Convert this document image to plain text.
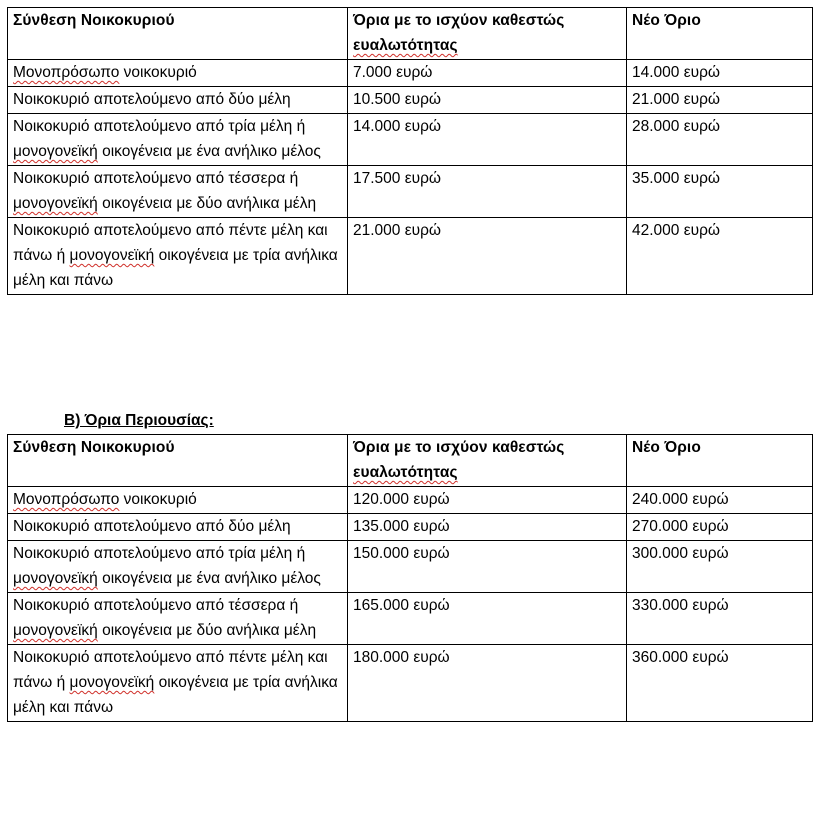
Σύνθεση Νοικοκυριού	Όρια με το ισχύον καθεστώς ευαλωτότητας	Νέο Όριο
Μονοπρόσωπο νοικοκυριό	7.000 ευρώ	14.000 ευρώ
Νοικοκυριό αποτελούμενο από δύο μέλη	10.500 ευρώ	21.000 ευρώ
Νοικοκυριό αποτελούμενο από τρία μέλη ή μονογονεϊκή οικογένεια με ένα ανήλικο μέλος	14.000 ευρώ	28.000 ευρώ
Νοικοκυριό αποτελούμενο από τέσσερα ή μονογονεϊκή οικογένεια με δύο ανήλικα μέλη	17.500 ευρώ	35.000 ευρώ
Νοικοκυριό αποτελούμενο από πέντε μέλη και πάνω ή μονογονεϊκή οικογένεια με τρία ανήλικα μέλη και πάνω	21.000 ευρώ	42.000 ευρώ
Β) Όρια Περιουσίας:
Σύνθεση Νοικοκυριού	Όρια με το ισχύον καθεστώς ευαλωτότητας	Νέο Όριο
Μονοπρόσωπο νοικοκυριό	120.000 ευρώ	240.000 ευρώ
Νοικοκυριό αποτελούμενο από δύο μέλη	135.000 ευρώ	270.000 ευρώ
Νοικοκυριό αποτελούμενο από τρία μέλη ή μονογονεϊκή οικογένεια με ένα ανήλικο μέλος	150.000 ευρώ	300.000 ευρώ
Νοικοκυριό αποτελούμενο από τέσσερα ή μονογονεϊκή οικογένεια με δύο ανήλικα μέλη	165.000 ευρώ	330.000 ευρώ
Νοικοκυριό αποτελούμενο από πέντε μέλη και πάνω ή μονογονεϊκή οικογένεια με τρία ανήλικα μέλη και πάνω	180.000 ευρώ	360.000 ευρώ
